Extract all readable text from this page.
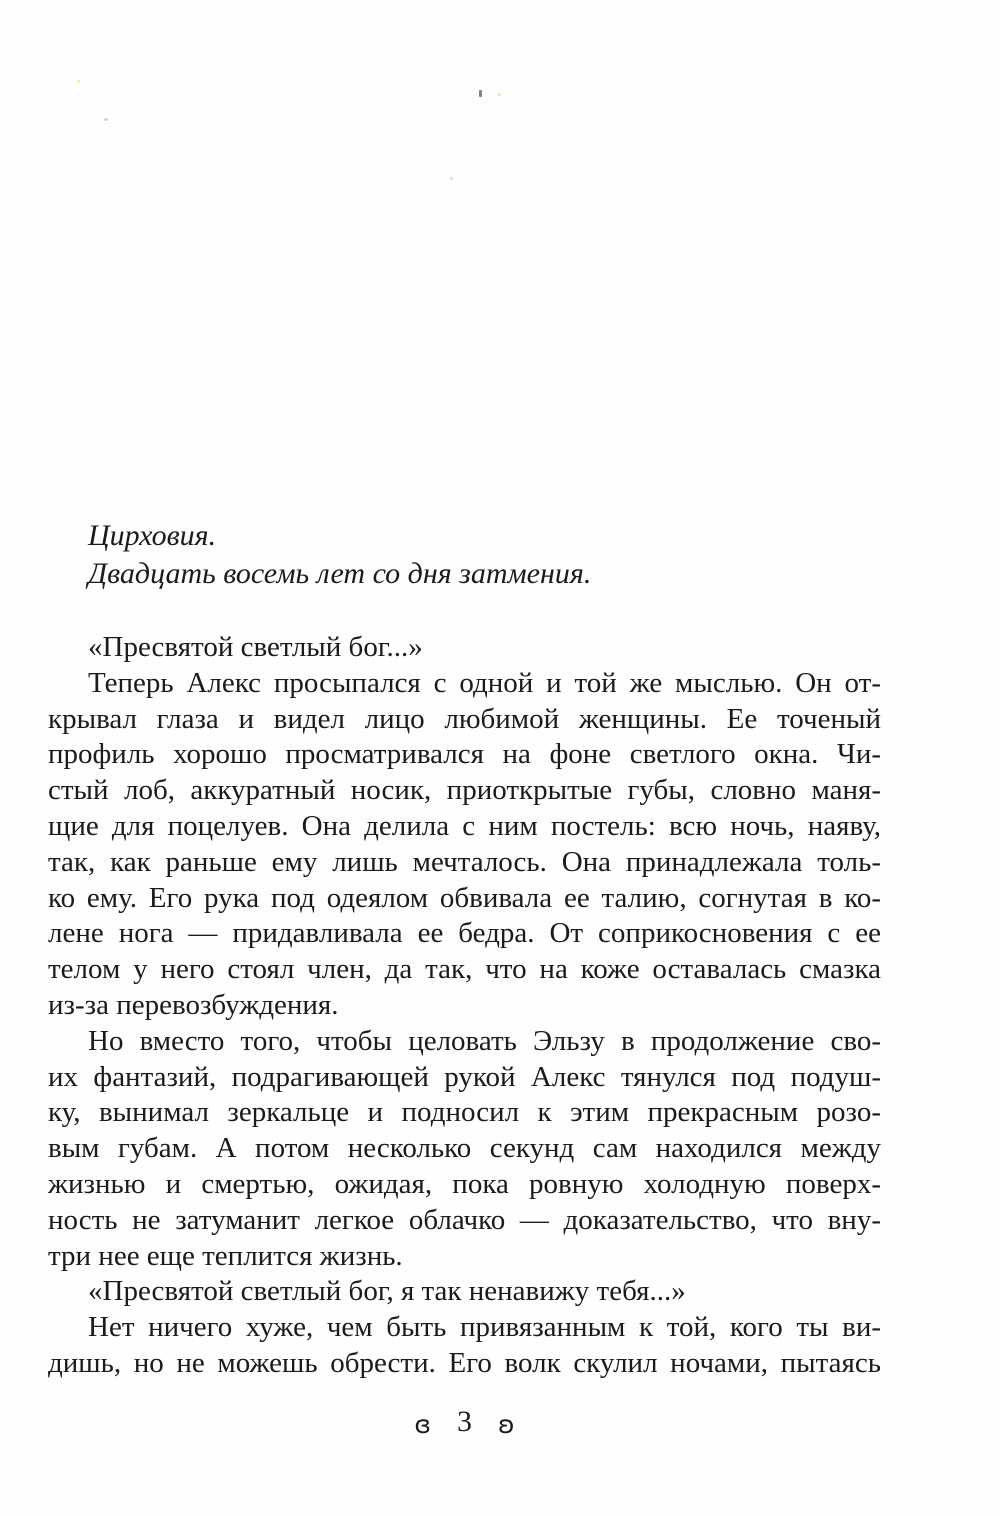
Цирховия.
Двадцать восемь лет со дня затмения.
«Пресвятой светлый бог...»
Теперь Алекс просыпался с одной и той же мыслью. Он от-
крывал глаза и видел лицо любимой женщины. Ее точеный
профиль хорошо просматривался на фоне светлого окна. Чи-
стый лоб, аккуратный носик, приоткрытые губы, словно маня-
щие для поцелуев. Она делила с ним постель: всю ночь, наяву,
так, как раньше ему лишь мечталось. Она принадлежала толь-
ко ему. Его рука под одеялом обвивала ее талию, согнутая в ко-
лене нога — придавливала ее бедра. От соприкосновения с ее
телом у него стоял член, да так, что на коже оставалась смазка
из-за перевозбуждения.
Но вместо того, чтобы целовать Эльзу в продолжение сво-
их фантазий, подрагивающей рукой Алекс тянулся под подуш-
ку, вынимал зеркальце и подносил к этим прекрасным розо-
вым губам. А потом несколько секунд сам находился между
жизнью и смертью, ожидая, пока ровную холодную поверх-
ность не затуманит легкое облачко — доказательство, что вну-
три нее еще теплится жизнь.
«Пресвятой светлый бог, я так ненавижу тебя...»
Нет ничего хуже, чем быть привязанным к той, кого ты ви-
дишь, но не можешь обрести. Его волк скулил ночами, пытаясь
ɞ 3 ʚ
